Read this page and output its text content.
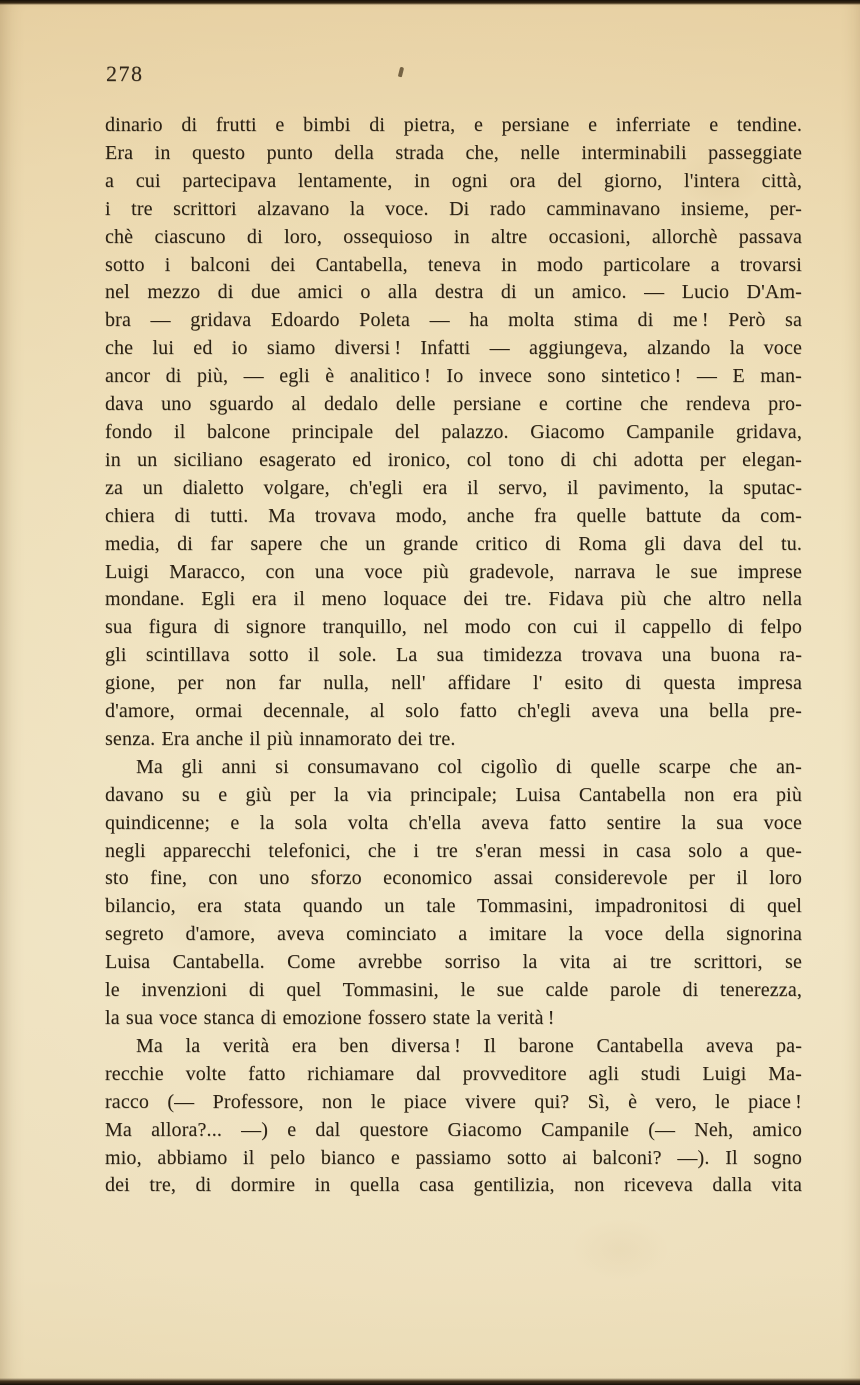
278
dinario di frutti e bimbi di pietra, e persiane e inferriate e tendine.
Era in questo punto della strada che, nelle interminabili passeggiate
a cui partecipava lentamente, in ogni ora del giorno, l'intera città,
i tre scrittori alzavano la voce. Di rado camminavano insieme, per-
chè ciascuno di loro, ossequioso in altre occasioni, allorchè passava
sotto i balconi dei Cantabella, teneva in modo particolare a trovarsi
nel mezzo di due amici o alla destra di un amico. — Lucio D'Am-
bra — gridava Edoardo Poleta — ha molta stima di me ! Però sa
che lui ed io siamo diversi ! Infatti — aggiungeva, alzando la voce
ancor di più, — egli è analitico ! Io invece sono sintetico ! — E man-
dava uno sguardo al dedalo delle persiane e cortine che rendeva pro-
fondo il balcone principale del palazzo. Giacomo Campanile gridava,
in un siciliano esagerato ed ironico, col tono di chi adotta per elegan-
za un dialetto volgare, ch'egli era il servo, il pavimento, la sputac-
chiera di tutti. Ma trovava modo, anche fra quelle battute da com-
media, di far sapere che un grande critico di Roma gli dava del tu.
Luigi Maracco, con una voce più gradevole, narrava le sue imprese
mondane. Egli era il meno loquace dei tre. Fidava più che altro nella
sua figura di signore tranquillo, nel modo con cui il cappello di felpo
gli scintillava sotto il sole. La sua timidezza trovava una buona ra-
gione, per non far nulla, nell' affidare l' esito di questa impresa
d'amore, ormai decennale, al solo fatto ch'egli aveva una bella pre-
senza. Era anche il più innamorato dei tre.
Ma gli anni si consumavano col cigolìo di quelle scarpe che an-
davano su e giù per la via principale; Luisa Cantabella non era più
quindicenne; e la sola volta ch'ella aveva fatto sentire la sua voce
negli apparecchi telefonici, che i tre s'eran messi in casa solo a que-
sto fine, con uno sforzo economico assai considerevole per il loro
bilancio, era stata quando un tale Tommasini, impadronitosi di quel
segreto d'amore, aveva cominciato a imitare la voce della signorina
Luisa Cantabella. Come avrebbe sorriso la vita ai tre scrittori, se
le invenzioni di quel Tommasini, le sue calde parole di tenerezza,
la sua voce stanca di emozione fossero state la verità !
Ma la verità era ben diversa ! Il barone Cantabella aveva pa-
recchie volte fatto richiamare dal provveditore agli studi Luigi Ma-
racco (— Professore, non le piace vivere qui? Sì, è vero, le piace !
Ma allora?... —) e dal questore Giacomo Campanile (— Neh, amico
mio, abbiamo il pelo bianco e passiamo sotto ai balconi? —). Il sogno
dei tre, di dormire in quella casa gentilizia, non riceveva dalla vita
